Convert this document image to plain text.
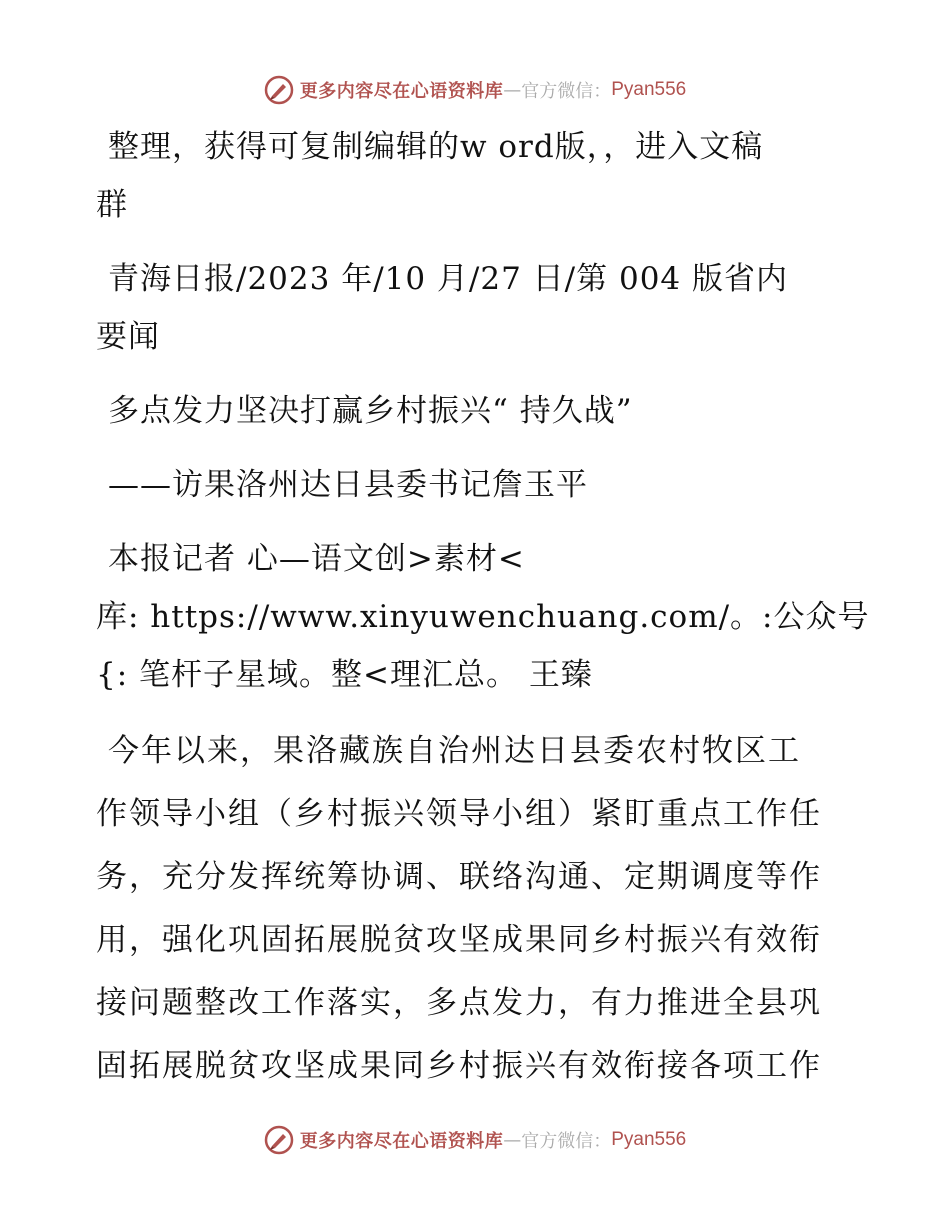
更多内容尽在心语资料库 — 官方微信： Pyan556
整理，获得可复制编辑的w ord版，，进入文稿
群
青海日报/2023 年/10 月/27 日/第 004 版省内
要闻
多点发力坚决打赢乡村振兴“ 持久战”
——访果洛州达日县委书记詹玉平
本报记者 心—语文创>素材<
库: https://www.xinyuwenchuang.com/。:公众号
{: 笔杆子星域。整<理汇总。 王臻
今年以来，果洛藏族自治州达日县委农村牧区工
作领导小组（乡村振兴领导小组）紧盯重点工作任
务，充分发挥统筹协调、联络沟通、定期调度等作
用，强化巩固拓展脱贫攻坚成果同乡村振兴有效衔
接问题整改工作落实，多点发力，有力推进全县巩
固拓展脱贫攻坚成果同乡村振兴有效衔接各项工作
更多内容尽在心语资料库 — 官方微信： Pyan556
